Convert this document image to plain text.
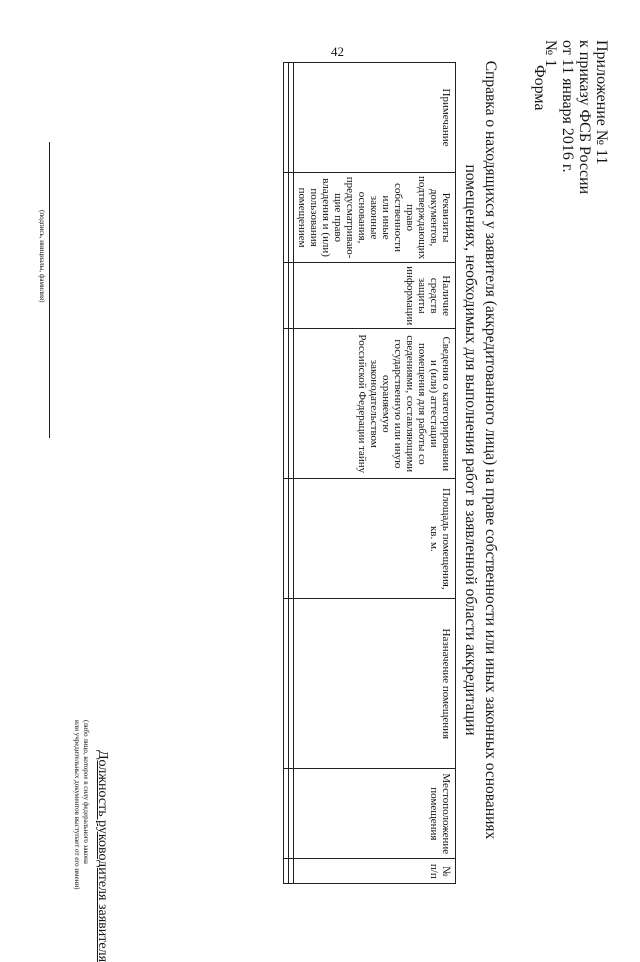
42	Приложение № 11
к приказу ФСБ России
от 11 января 2016 г.
№ 1
Форма
Справка о находящихся у заявителя (аккредитованного лица) на праве собственности или иных законных основаниях помещениях, необходимых для выполнения работ в заявленной области аккредитации
Примечание	Реквизиты документов, подтверждающих право собственности или иные законные основания, предусматриваю-щие право владения и (или) пользования помещением	Наличие средств защиты информации	Сведения о категорировании и (или) аттестации помещения для работы со сведениями, составляющими государственную или иную охраняемую законодательством Российской Федерации тайну	Площадь помещения, кв. м.	Назначение помещения	Местоположение помещения	№ п/п

Должность руководителя заявителя
(либо лицо, которое в силу федерального закона
или учредительных документов выступает от его имени)
(подпись, инициалы, фамилия)
